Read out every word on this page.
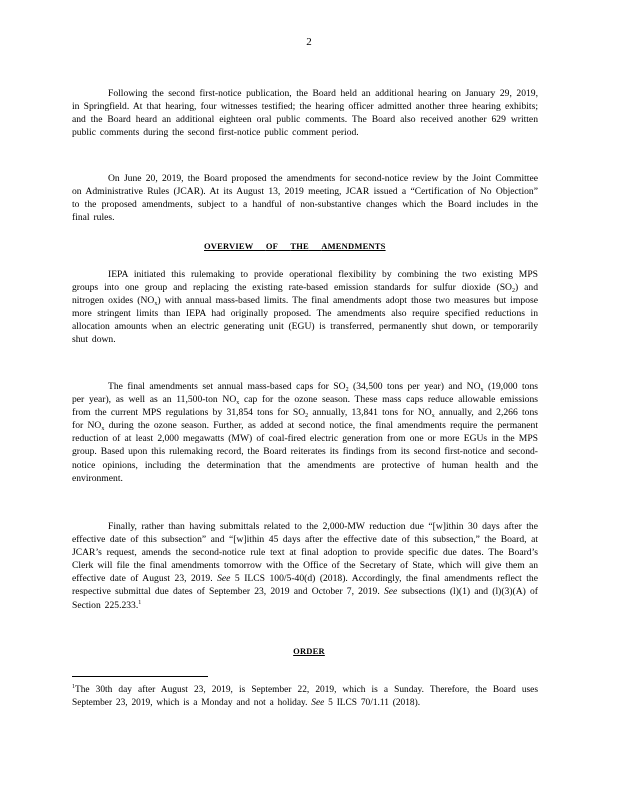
2

Following the second first-notice publication, the Board held an additional hearing on January 29, 2019, in Springfield. At that hearing, four witnesses testified; the hearing officer admitted another three hearing exhibits; and the Board heard an additional eighteen oral public comments. The Board also received another 629 written public comments during the second first-notice public comment period.

On June 20, 2019, the Board proposed the amendments for second-notice review by the Joint Committee on Administrative Rules (JCAR). At its August 13, 2019 meeting, JCAR issued a “Certification of No Objection” to the proposed amendments, subject to a handful of non-substantive changes which the Board includes in the final rules.

OVERVIEW OF THE AMENDMENTS

IEPA initiated this rulemaking to provide operational flexibility by combining the two existing MPS groups into one group and replacing the existing rate-based emission standards for sulfur dioxide $(SO_2)$ and nitrogen oxides $(NO_x)$ with annual mass-based limits. The final amendments adopt those two measures but impose more stringent limits than IEPA had originally proposed. The amendments also require specified reductions in allocation amounts when an electric generating unit (EGU) is transferred, permanently shut down, or temporarily shut down.

The final amendments set annual mass-based caps for $SO_2$ (34,500 tons per year) and $NO_x$ (19,000 tons per year), as well as an 11,500-ton $NO_x$ cap for the ozone season. These mass caps reduce allowable emissions from the current MPS regulations by 31,854 tons for $SO_2$ annually, 13,841 tons for $NO_x$ annually, and 2,266 tons for $NO_x$ during the ozone season. Further, as added at second notice, the final amendments require the permanent reduction of at least 2,000 megawatts (MW) of coal-fired electric generation from one or more EGUs in the MPS group. Based upon this rulemaking record, the Board reiterates its findings from its second first-notice and second-notice opinions, including the determination that the amendments are protective of human health and the environment.

Finally, rather than having submittals related to the 2,000-MW reduction due “[w]ithin 30 days after the effective date of this subsection” and “[w]ithin 45 days after the effective date of this subsection,” the Board, at JCAR’s request, amends the second-notice rule text at final adoption to provide specific due dates. The Board’s Clerk will file the final amendments tomorrow with the Office of the Secretary of State, which will give them an effective date of August 23, 2019. See 5 ILCS 100/5-40(d) (2018). Accordingly, the final amendments reflect the respective submittal due dates of September 23, 2019 and October 7, 2019. See subsections (l)(1) and (l)(3)(A) of Section 225.233.$^1$

ORDER
$^1$The 30th day after August 23, 2019, is September 22, 2019, which is a Sunday. Therefore, the Board uses September 23, 2019, which is a Monday and not a holiday. See 5 ILCS 70/1.11 (2018).
